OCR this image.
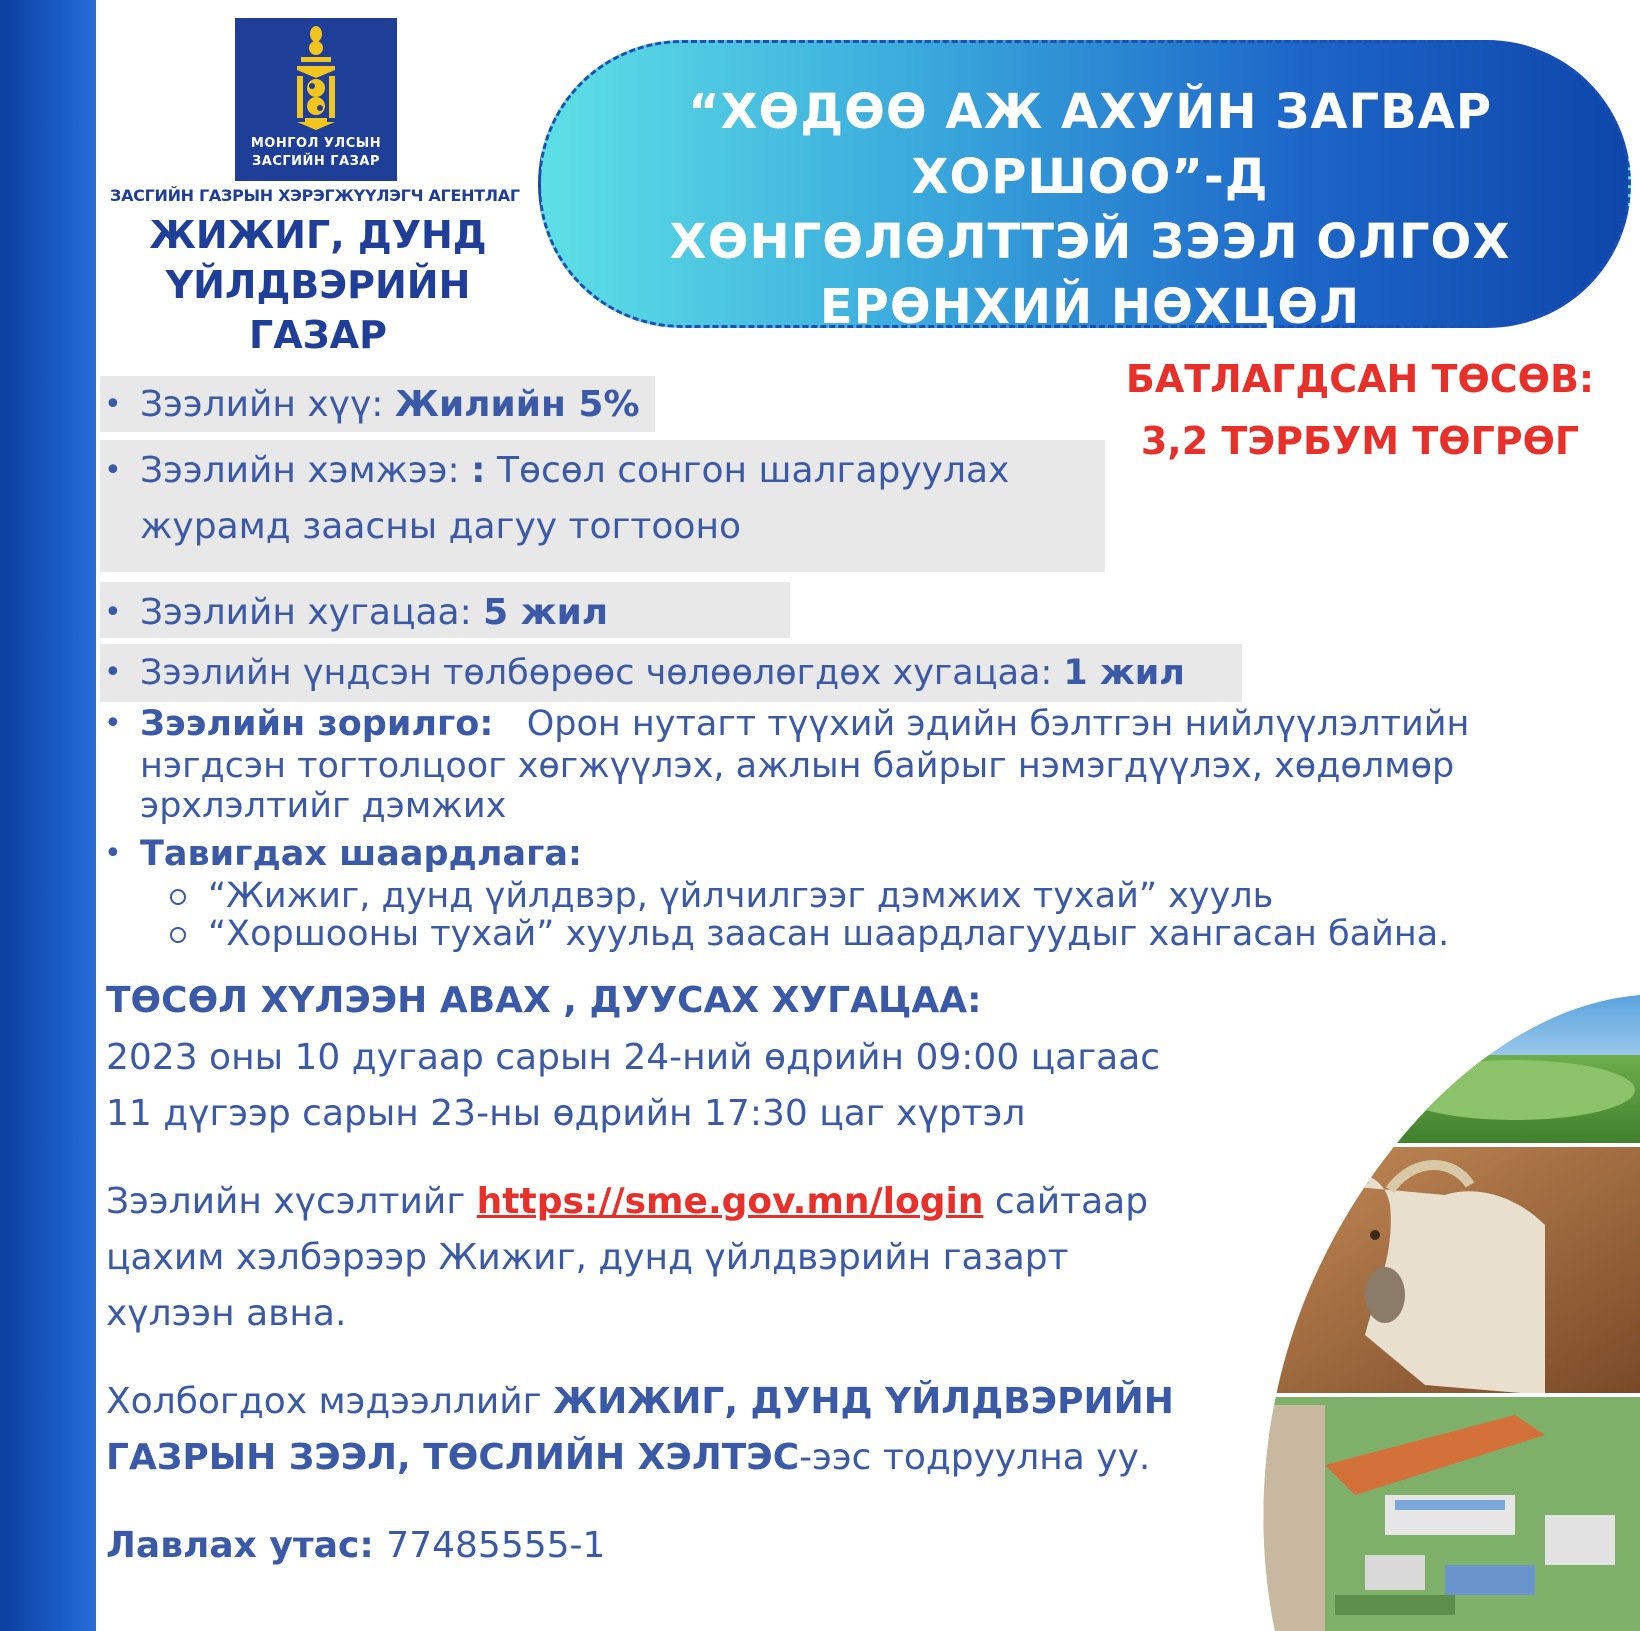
МОНГОЛ УЛСЫН
ЗАСГИЙН ГАЗАР
ЗАСГИЙН ГАЗРЫН ХЭРЭГЖҮҮЛЭГЧ АГЕНТЛАГ
ЖИЖИГ, ДУНД
ҮЙЛДВЭРИЙН ГАЗАР
“ХӨДӨӨ АЖ АХУЙН ЗАГВАР ХОРШОО”-Д
ХӨНГӨЛӨЛТТЭЙ ЗЭЭЛ ОЛГОХ
ЕРӨНХИЙ НӨХЦӨЛ
БАТЛАГДСАН ТӨСӨВ:
3,2 ТЭРБУМ ТӨГРӨГ
• Зээлийн хүү: Жилийн 5%
• Зээлийн хэмжээ: : Төсөл сонгон шалгаруулах
журамд заасны дагуу тогтооно
• Зээлийн хугацаа: 5 жил
• Зээлийн үндсэн төлбөрөөс чөлөөлөгдөх хугацаа: 1 жил
• Зээлийн зорилго: Орон нутагт түүхий эдийн бэлтгэн нийлүүлэлтийн
нэгдсэн тогтолцоог хөгжүүлэх, ажлын байрыг нэмэгдүүлэх, хөдөлмөр
эрхлэлтийг дэмжих
• Тавигдах шаардлага:
“Жижиг, дунд үйлдвэр, үйлчилгээг дэмжих тухай” хууль
“Хоршооны тухай” хуульд заасан шаардлагуудыг хангасан байна.
ТӨСӨЛ ХҮЛЭЭН АВАХ , ДУУСАХ ХУГАЦАА:
2023 оны 10 дугаар сарын 24-ний өдрийн 09:00 цагаас
11 дүгээр сарын 23-ны өдрийн 17:30 цаг хүртэл
Зээлийн хүсэлтийг https://sme.gov.mn/login сайтаар
цахим хэлбэрээр Жижиг, дунд үйлдвэрийн газарт
хүлээн авна.
Холбогдох мэдээллийг ЖИЖИГ, ДУНД ҮЙЛДВЭРИЙН
ГАЗРЫН ЗЭЭЛ, ТӨСЛИЙН ХЭЛТЭС-ээс тодруулна уу.
Лавлах утас: 77485555-1
